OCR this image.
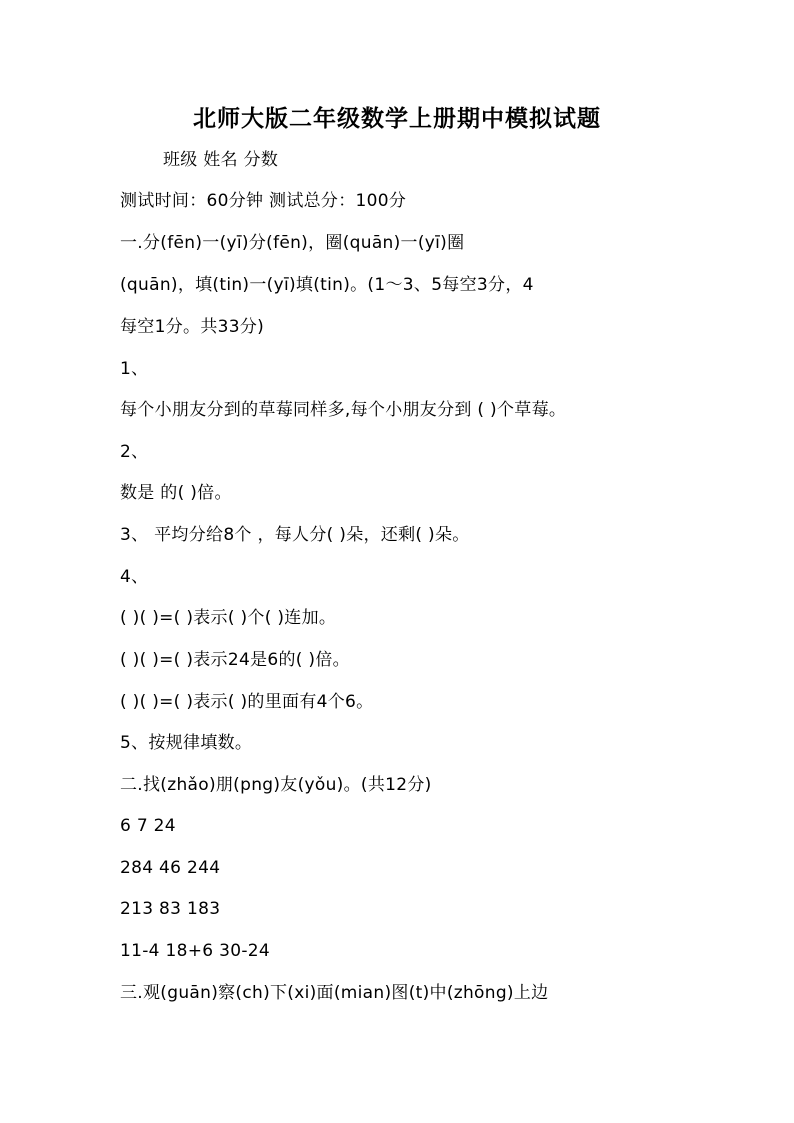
北师大版二年级数学上册期中模拟试题
班级 姓名 分数
测试时间：60分钟 测试总分：100分
一.分(fēn)一(yī)分(fēn)，圈(quān)一(yī)圈
(quān)，填(tin)一(yī)填(tin)。(1～3、5每空3分，4
每空1分。共33分)
1、
每个小朋友分到的草莓同样多,每个小朋友分到 ( )个草莓。
2、
数是 的( )倍。
3、 平均分给8个 ，每人分( )朵，还剩( )朵。
4、
( )( )=( )表示( )个( )连加。
( )( )=( )表示24是6的( )倍。
( )( )=( )表示( )的里面有4个6。
5、按规律填数。
二.找(zhǎo)朋(png)友(yǒu)。(共12分)
6 7 24
284 46 244
213 83 183
11-4 18+6 30-24
三.观(guān)察(ch)下(xi)面(mian)图(t)中(zhōng)上边
